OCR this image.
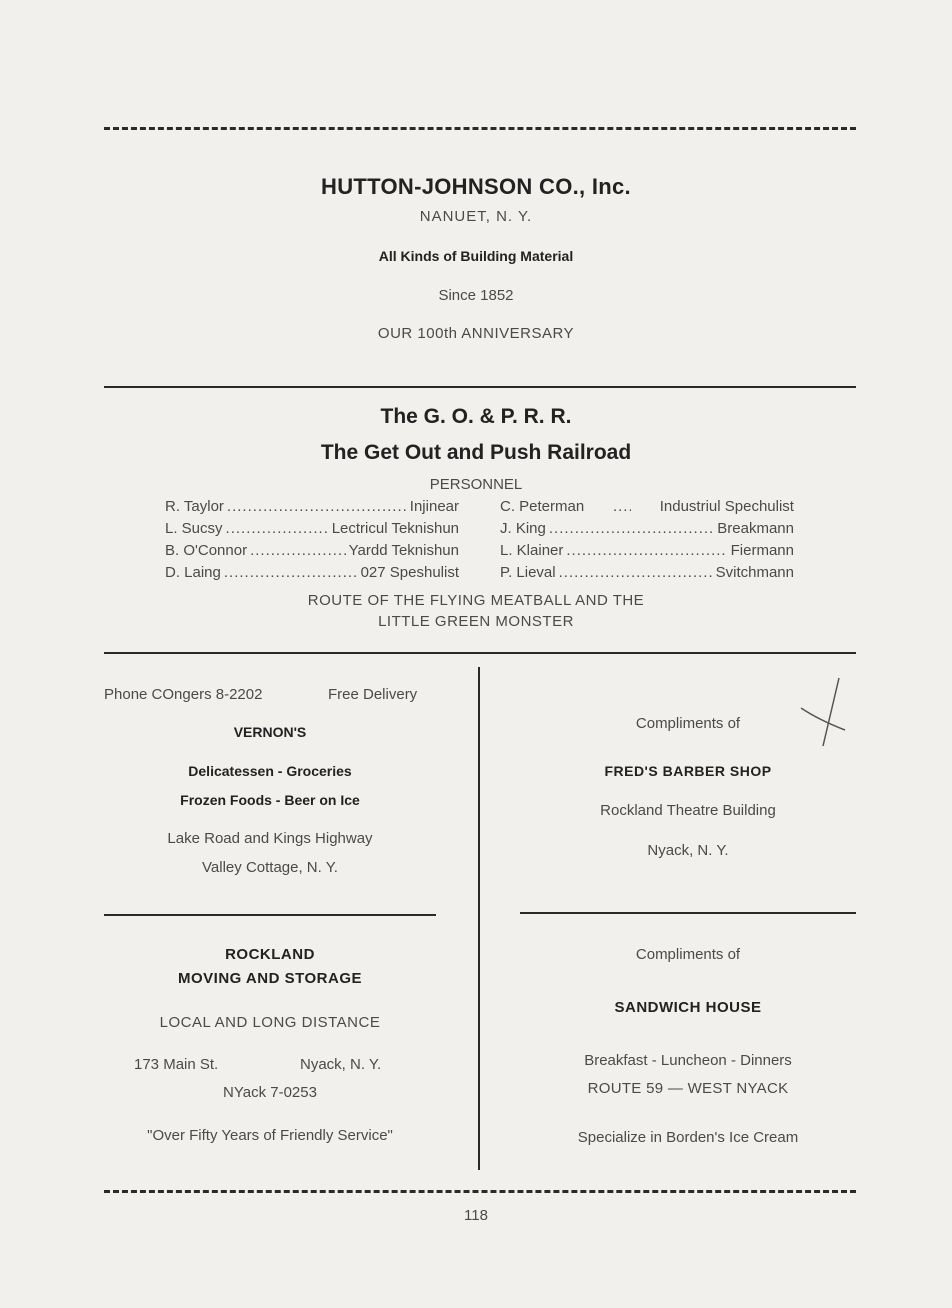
HUTTON-JOHNSON CO., Inc.
NANUET, N. Y.
All Kinds of Building Material
Since 1852
OUR 100th ANNIVERSARY
The G. O. & P. R. R.
The Get Out and Push Railroad
PERSONNEL
R. Taylor .....	Injinear
L. Sucsy .....	Lectricul Teknishun
B. O'Connor .....	Yardd Teknishun
D. Laing .....	027 Speshulist
C. Peterman .....	Industriul Spechulist
J. King .....	Breakmann
L. Klainer .....	Fiermann
P. Lieval .....	Svitchmann
ROUTE OF THE FLYING MEATBALL AND THE
LITTLE GREEN MONSTER
Phone COngers 8-2202	Free Delivery
VERNON'S
Delicatessen - Groceries
Frozen Foods - Beer on Ice
Lake Road and Kings Highway
Valley Cottage, N. Y.
Compliments of
FRED'S BARBER SHOP
Rockland Theatre Building
Nyack, N. Y.
ROCKLAND
MOVING AND STORAGE
LOCAL AND LONG DISTANCE
173 Main St.	Nyack, N. Y.
NYack 7-0253
"Over Fifty Years of Friendly Service"
Compliments of
SANDWICH HOUSE
Breakfast - Luncheon - Dinners
ROUTE 59 — WEST NYACK
Specialize in Borden's Ice Cream
118
